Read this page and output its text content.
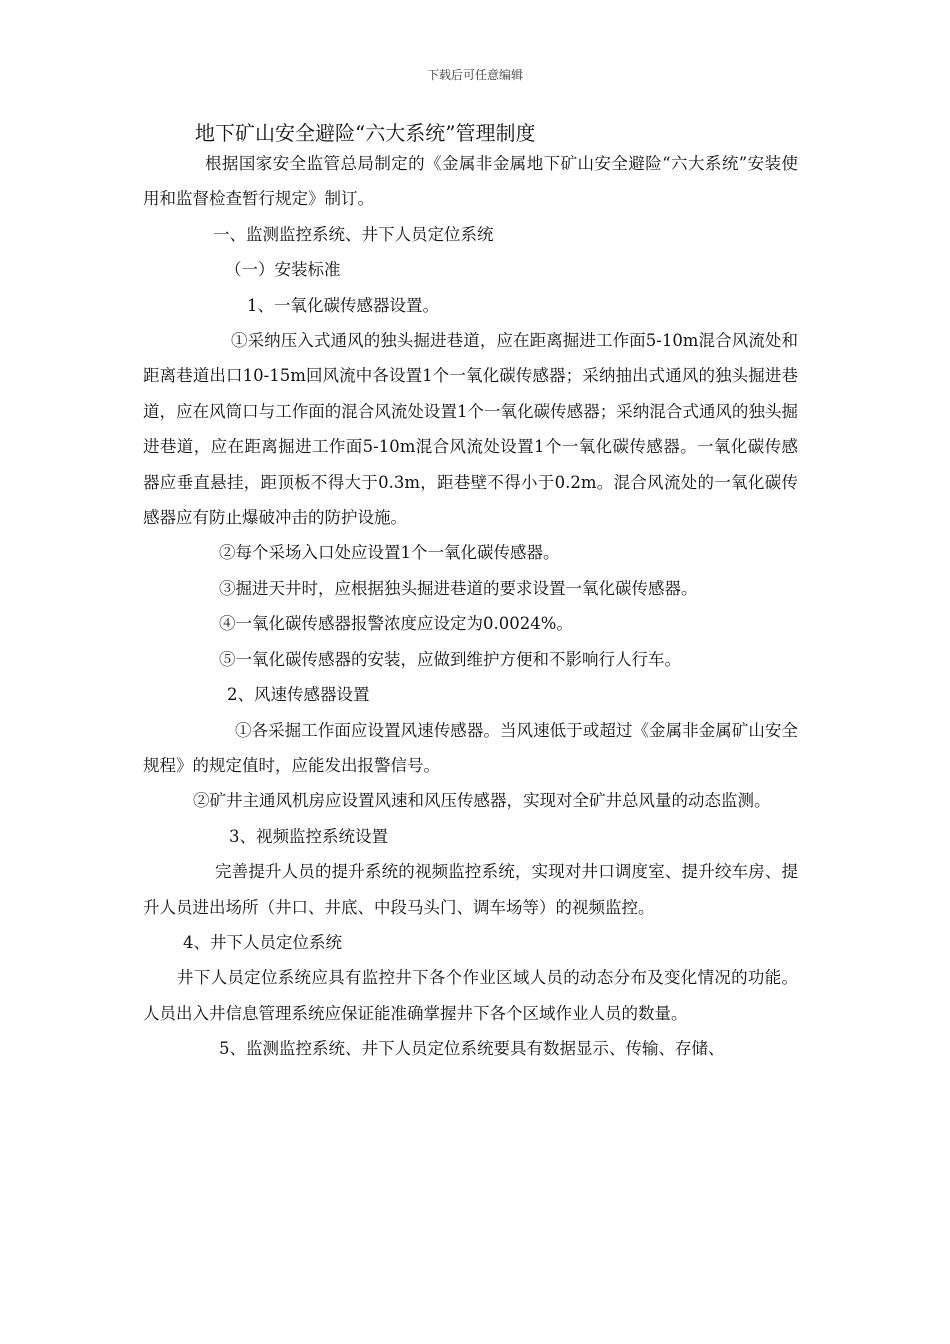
下载后可任意编辑
地下矿山安全避险“六大系统”管理制度

根据国家安全监管总局制定的《金属非金属地下矿山安全避险“六大系统”安装使用和监督检查暂行规定》制订。

一、监测监控系统、井下人员定位系统

（一）安装标准

1、一氧化碳传感器设置。

①采纳压入式通风的独头掘进巷道，应在距离掘进工作面5-10m混合风流处和距离巷道出口10-15m回风流中各设置1个一氧化碳传感器；采纳抽出式通风的独头掘进巷道，应在风筒口与工作面的混合风流处设置1个一氧化碳传感器；采纳混合式通风的独头掘进巷道，应在距离掘进工作面5-10m混合风流处设置1个一氧化碳传感器。一氧化碳传感器应垂直悬挂，距顶板不得大于0.3m，距巷壁不得小于0.2m。混合风流处的一氧化碳传感器应有防止爆破冲击的防护设施。

②每个采场入口处应设置1个一氧化碳传感器。

③掘进天井时，应根据独头掘进巷道的要求设置一氧化碳传感器。

④一氧化碳传感器报警浓度应设定为0.0024%。

⑤一氧化碳传感器的安装，应做到维护方便和不影响行人行车。

2、风速传感器设置

①各采掘工作面应设置风速传感器。当风速低于或超过《金属非金属矿山安全规程》的规定值时，应能发出报警信号。

②矿井主通风机房应设置风速和风压传感器，实现对全矿井总风量的动态监测。

3、视频监控系统设置

完善提升人员的提升系统的视频监控系统，实现对井口调度室、提升绞车房、提升人员进出场所（井口、井底、中段马头门、调车场等）的视频监控。

4、井下人员定位系统

井下人员定位系统应具有监控井下各个作业区域人员的动态分布及变化情况的功能。人员出入井信息管理系统应保证能准确掌握井下各个区域作业人员的数量。

5、监测监控系统、井下人员定位系统要具有数据显示、传输、存储、
